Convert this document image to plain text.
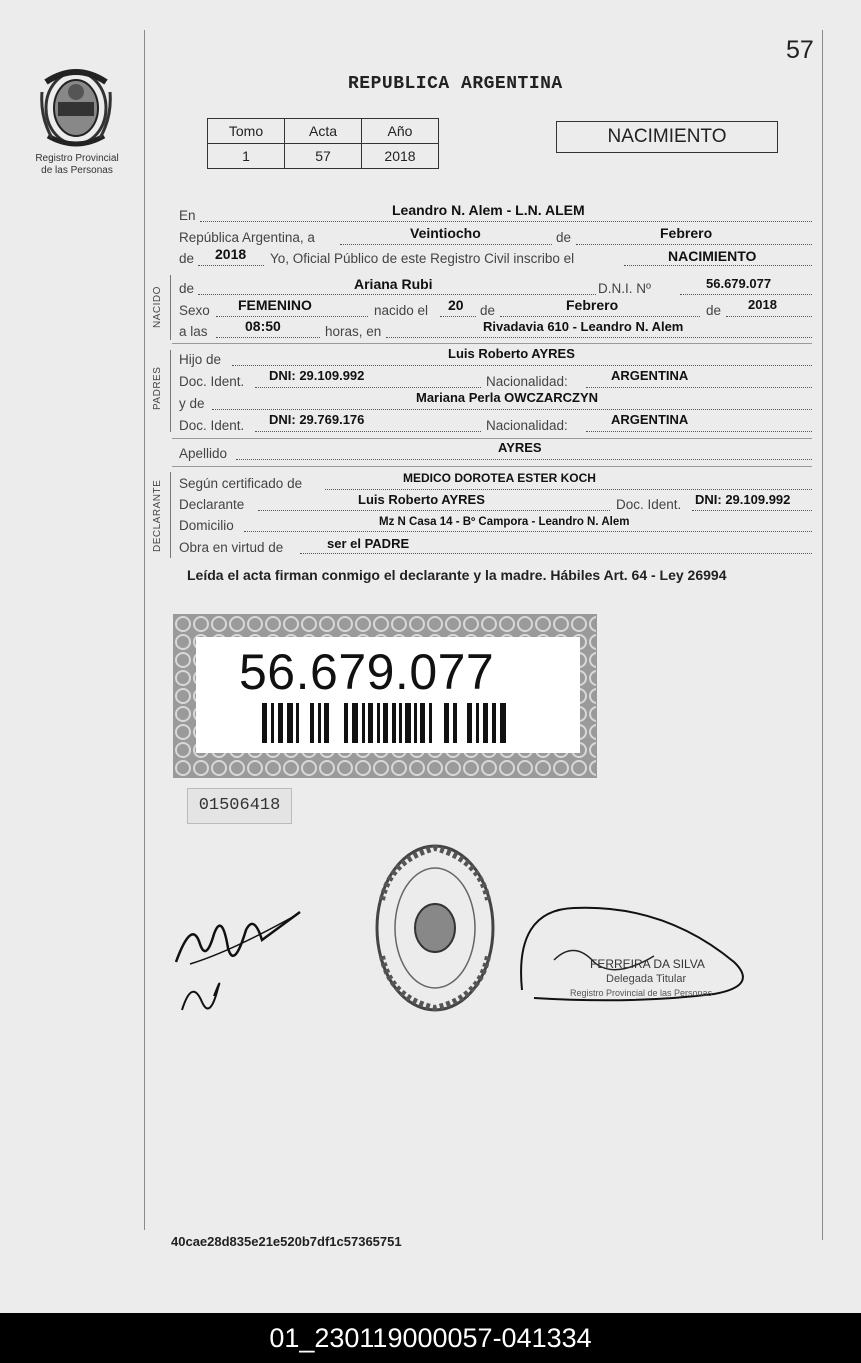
57
Registro Provincial
de las Personas
REPUBLICA ARGENTINA
Tomo	Acta	Año
1	57	2018
NACIMIENTO
En	Leandro N. Alem - L.N. ALEM
República Argentina, a	Veintiocho	de	Febrero
de 2018 Yo, Oficial Público de este Registro Civil inscribo el	NACIMIENTO
NACIDO de	Ariana Rubi	D.N.I. Nº	56.679.077
Sexo FEMENINO	nacido el 20 de	Febrero	de 2018
a las	08:50	horas, en	Rivadavia 610 - Leandro N. Alem
PADRES
Hijo de	Luis Roberto AYRES
Doc. Ident. DNI: 29.109.992	Nacionalidad:	ARGENTINA
y de	Mariana Perla OWCZARCZYN
Doc. Ident. DNI: 29.769.176	Nacionalidad:	ARGENTINA
Apellido	AYRES
DECLARANTE Según certificado de	MEDICO DOROTEA ESTER KOCH
Declarante	Luis Roberto AYRES	Doc. Ident. DNI: 29.109.992
Domicilio	Mz N Casa 14 - Bº Campora - Leandro N. Alem
Obra en virtud de	ser el PADRE
Leída el acta firman conmigo el declarante y la madre. Hábiles Art. 64 - Ley 26994
56.679.077
01506418
FERREIRA DA SILVA
Delegada Titular
Registro Provincial de las Personas
40cae28d835e21e520b7df1c57365751
01_230119000057-041334
